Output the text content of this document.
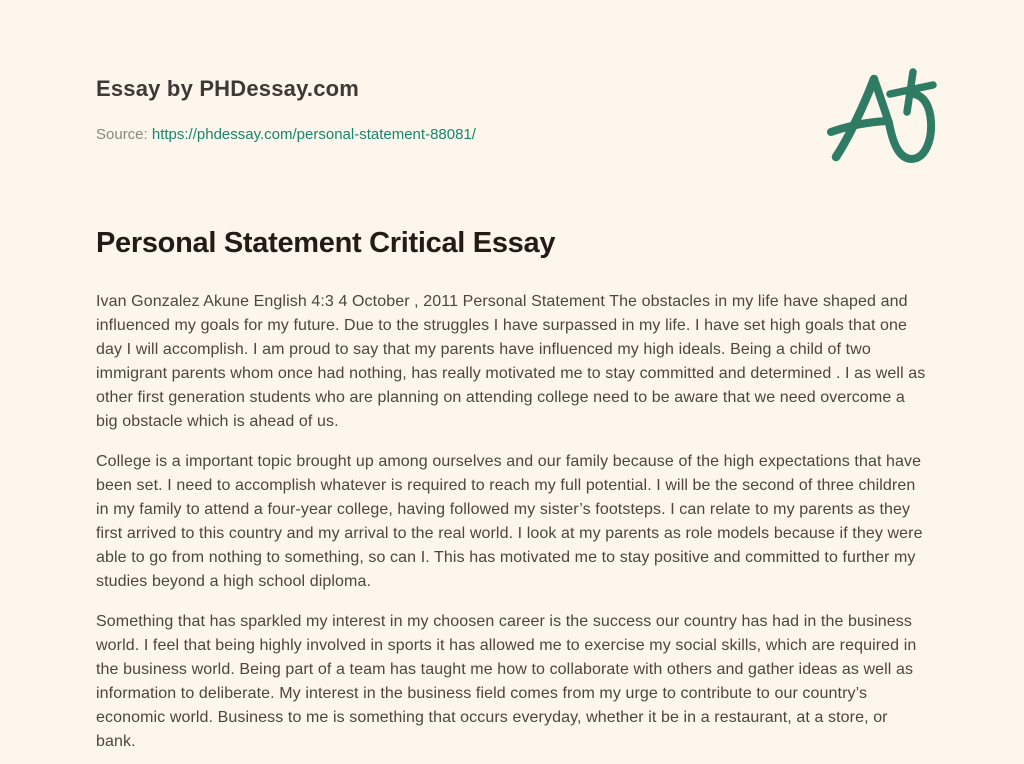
Essay by PHDessay.com
Source: https://phdessay.com/personal-statement-88081/
Personal Statement Critical Essay

Ivan Gonzalez Akune English 4:3 4 October , 2011 Personal Statement The obstacles in my life have shaped and influenced my goals for my future. Due to the struggles I have surpassed in my life. I have set high goals that one day I will accomplish. I am proud to say that my parents have influenced my high ideals. Being a child of two immigrant parents whom once had nothing, has really motivated me to stay committed and determined . I as well as other first generation students who are planning on attending college need to be aware that we need overcome a big obstacle which is ahead of us.

College is a important topic brought up among ourselves and our family because of the high expectations that have been set. I need to accomplish whatever is required to reach my full potential. I will be the second of three children in my family to attend a four-year college, having followed my sister’s footsteps. I can relate to my parents as they first arrived to this country and my arrival to the real world. I look at my parents as role models because if they were able to go from nothing to something, so can I. This has motivated me to stay positive and committed to further my studies beyond a high school diploma.

Something that has sparkled my interest in my choosen career is the success our country has had in the business world. I feel that being highly involved in sports it has allowed me to exercise my social skills, which are required in the business world. Being part of a team has taught me how to collaborate with others and gather ideas as well as information to deliberate. My interest in the business field comes from my urge to contribute to our country’s economic world. Business to me is something that occurs everyday, whether it be in a restaurant, at a store, or bank.
